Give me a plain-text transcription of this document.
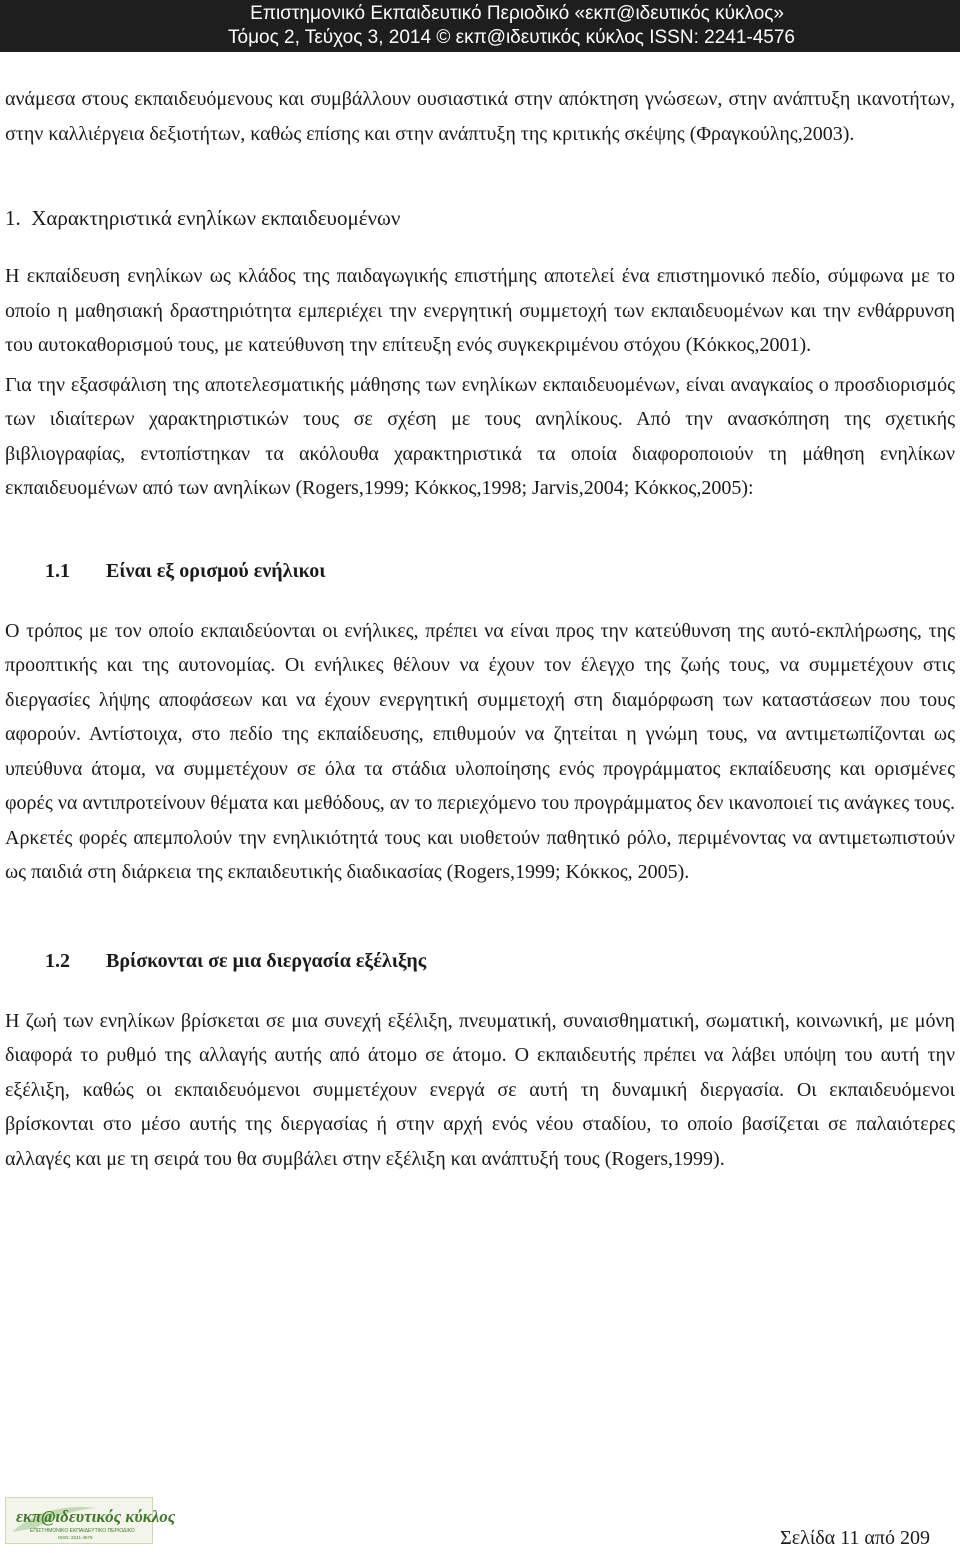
Επιστημονικό Εκπαιδευτικό Περιοδικό «εκπ@ιδευτικός κύκλος»
Τόμος 2, Τεύχος 3, 2014 © εκπ@ιδευτικός κύκλος ISSN: 2241-4576

ανάμεσα στους εκπαιδευόμενους και συμβάλλουν ουσιαστικά στην απόκτηση γνώσεων, στην ανάπτυξη ικανοτήτων, στην καλλιέργεια δεξιοτήτων, καθώς επίσης και στην ανάπτυξη της κριτικής σκέψης (Φραγκούλης,2003).

1.  Χαρακτηριστικά ενηλίκων εκπαιδευομένων

Η εκπαίδευση ενηλίκων ως κλάδος της παιδαγωγικής επιστήμης αποτελεί ένα επιστημονικό πεδίο, σύμφωνα με το οποίο η μαθησιακή δραστηριότητα εμπεριέχει την ενεργητική συμμετοχή των εκπαιδευομένων και την ενθάρρυνση του αυτοκαθορισμού τους, με κατεύθυνση την επίτευξη ενός συγκεκριμένου στόχου (Κόκκος,2001).

Για την εξασφάλιση της αποτελεσματικής μάθησης των ενηλίκων εκπαιδευομένων, είναι αναγκαίος ο προσδιορισμός των ιδιαίτερων χαρακτηριστικών τους σε σχέση με τους ανηλίκους. Από την ανασκόπηση της σχετικής βιβλιογραφίας, εντοπίστηκαν τα ακόλουθα χαρακτηριστικά τα οποία διαφοροποιούν τη μάθηση ενηλίκων εκπαιδευομένων από των ανηλίκων (Rogers,1999; Κόκκος,1998; Jarvis,2004; Κόκκος,2005):

1.1 Είναι εξ ορισμού ενήλικοι

Ο τρόπος με τον οποίο εκπαιδεύονται οι ενήλικες, πρέπει να είναι προς την κατεύθυνση της αυτό-εκπλήρωσης, της προοπτικής και της αυτονομίας. Οι ενήλικες θέλουν να έχουν τον έλεγχο της ζωής τους, να συμμετέχουν στις διεργασίες λήψης αποφάσεων και να έχουν ενεργητική συμμετοχή στη διαμόρφωση των καταστάσεων που τους αφορούν. Αντίστοιχα, στο πεδίο της εκπαίδευσης, επιθυμούν να ζητείται η γνώμη τους, να αντιμετωπίζονται ως υπεύθυνα άτομα, να συμμετέχουν σε όλα τα στάδια υλοποίησης ενός προγράμματος εκπαίδευσης και ορισμένες φορές να αντιπροτείνουν θέματα και μεθόδους, αν το περιεχόμενο του προγράμματος δεν ικανοποιεί τις ανάγκες τους. Αρκετές φορές απεμπολούν την ενηλικιότητά τους και υιοθετούν παθητικό ρόλο, περιμένοντας να αντιμετωπιστούν ως παιδιά στη διάρκεια της εκπαιδευτικής διαδικασίας (Rogers,1999; Κόκκος, 2005).

1.2 Βρίσκονται σε μια διεργασία εξέλιξης

Η ζωή των ενηλίκων βρίσκεται σε μια συνεχή εξέλιξη, πνευματική, συναισθηματική, σωματική, κοινωνική, με μόνη διαφορά το ρυθμό της αλλαγής αυτής από άτομο σε άτομο. Ο εκπαιδευτής πρέπει να λάβει υπόψη του αυτή την εξέλιξη, καθώς οι εκπαιδευόμενοι συμμετέχουν ενεργά σε αυτή τη δυναμική διεργασία. Οι εκπαιδευόμενοι βρίσκονται στο μέσο αυτής της διεργασίας ή στην αρχή ενός νέου σταδίου, το οποίο βασίζεται σε παλαιότερες αλλαγές και με τη σειρά του θα συμβάλει στην εξέλιξη και ανάπτυξή τους (Rogers,1999).

εκπ@ιδευτικός κύκλος
ΕΠΙΣΤΗΜΟΝΙΚΟ ΕΚΠΑΙΔΕΥΤΙΚΟ ΠΕΡΙΟΔΙΚΟ
ISSN: 2241-4576	Σελίδα 11 από 209
